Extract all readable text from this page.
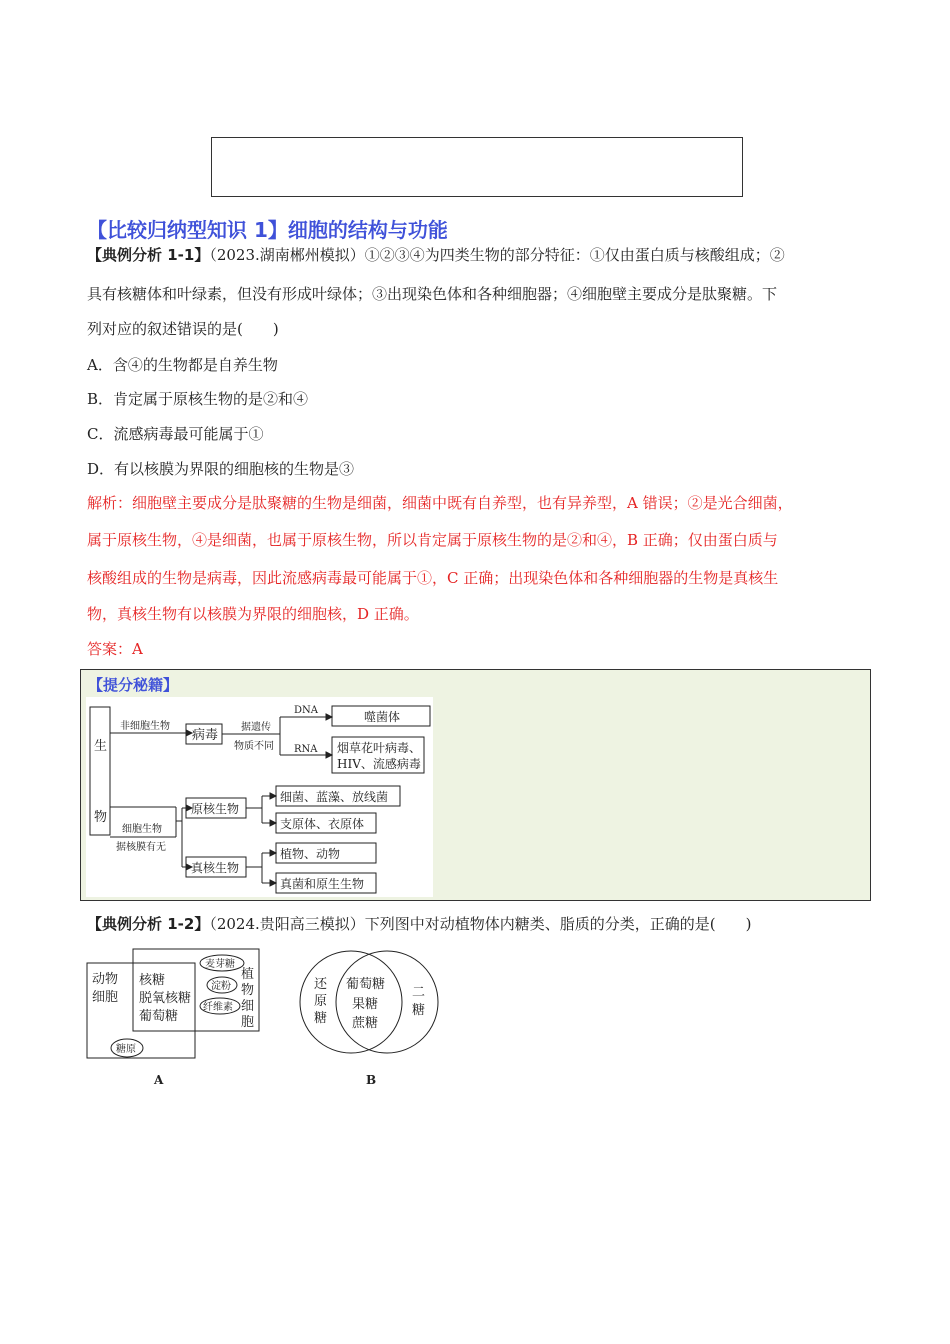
【比较归纳型知识 1】细胞的结构与功能
【典例分析 1-1】（2023.湖南郴州模拟）①②③④为四类生物的部分特征：①仅由蛋白质与核酸组成；②
具有核糖体和叶绿素，但没有形成叶绿体；③出现染色体和各种细胞器；④细胞壁主要成分是肽聚糖。下
列对应的叙述错误的是(　　)
A．含④的生物都是自养生物
B．肯定属于原核生物的是②和④
C．流感病毒最可能属于①
D．有以核膜为界限的细胞核的生物是③
解析：细胞壁主要成分是肽聚糖的生物是细菌，细菌中既有自养型，也有异养型，A 错误；②是光合细菌，
属于原核生物，④是细菌，也属于原核生物，所以肯定属于原核生物的是②和④，B 正确；仅由蛋白质与
核酸组成的生物是病毒，因此流感病毒最可能属于①，C 正确；出现染色体和各种细胞器的生物是真核生
物，真核生物有以核膜为界限的细胞核，D 正确。
答案：A
【提分秘籍】
生
物
非细胞生物
病毒
据遗传
物质不同
DNA
RNA
噬菌体
烟草花叶病毒、
HIV、流感病毒
细胞生物
据核膜有无
原核生物
真核生物
细菌、蓝藻、放线菌
支原体、衣原体
植物、动物
真菌和原生生物
【典例分析 1-2】（2024.贵阳高三模拟）下列图中对动植物体内糖类、脂质的分类，正确的是(　　)
动物
细胞
核糖
脱氧核糖
葡萄糖
植
物
细
胞
麦芽糖
淀粉
纤维素
糖原
A
还
原
糖
葡萄糖
果糖
蔗糖
二
糖
B
